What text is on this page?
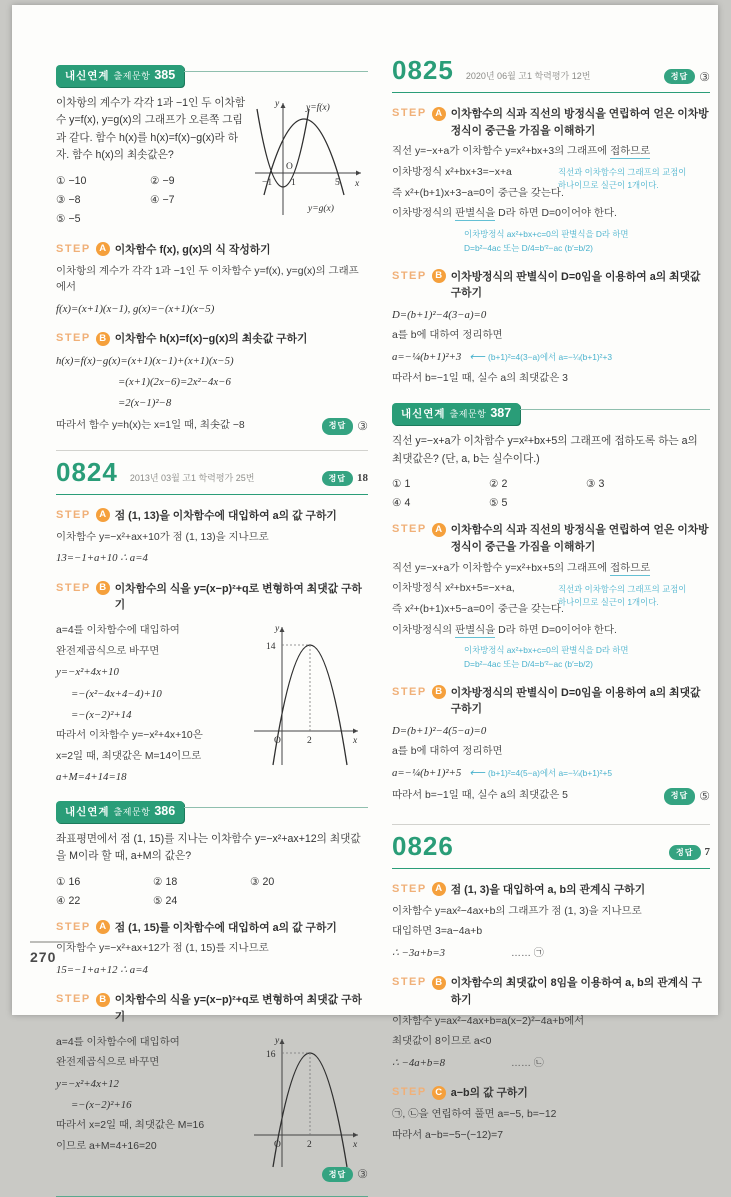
내신연계 출제문항 385
이차항의 계수가 각각 1과 −1인 두 이차함수 y=f(x), y=g(x)의 그래프가 오른쪽 그림과 같다. 함수 h(x)를 h(x)=f(x)−g(x)라 하자. 함수 h(x)의 최솟값은?
① −10	② −9
③ −8	④ −7
⑤ −5
y	y=f(x)
O
−1 1	5 x
y=g(x)
STEP A 이차함수 f(x), g(x)의 식 작성하기
이차항의 계수가 각각 1과 −1인 두 이차함수 y=f(x), y=g(x)의 그래프에서
f(x)=(x+1)(x−1), g(x)=−(x+1)(x−5)
STEP B 이차함수 h(x)=f(x)−g(x)의 최솟값 구하기
h(x)=f(x)−g(x)=(x+1)(x−1)+(x+1)(x−5)
=(x+1)(2x−6)=2x²−4x−6
=2(x−1)²−8
따라서 함수 y=h(x)는 x=1일 때, 최솟값 −8	정답 ③
0824 2013년 03월 고1 학력평가 25번	정답	18
STEP A 점 (1, 13)을 이차함수에 대입하여 a의 값 구하기
이차함수 y=−x²+ax+10가 점 (1, 13)을 지나므로
13=−1+a+10 ∴ a=4
STEP B 이차함수의 식을 y=(x−p)²+q로 변형하여 최댓값 구하기
a=4를 이차함수에 대입하여
완전제곱식으로 바꾸면
y=−x²+4x+10
=−(x²−4x+4−4)+10
=−(x−2)²+14
따라서 이차함수 y=−x²+4x+10은
x=2일 때, 최댓값은 M=14이므로
a+M=4+14=18
y
14
O	2	x
내신연계 출제문항 386
좌표평면에서 점 (1, 15)를 지나는 이차함수 y=−x²+ax+12의 최댓값을 M이라 할 때, a+M의 값은?
① 16	② 18	③ 20
④ 22	⑤ 24
STEP A 점 (1, 15)를 이차함수에 대입하여 a의 값 구하기
이차함수 y=−x²+ax+12가 점 (1, 15)를 지나므로
15=−1+a+12 ∴ a=4
STEP B 이차함수의 식을 y=(x−p)²+q로 변형하여 최댓값 구하기
a=4를 이차함수에 대입하여
완전제곱식으로 바꾸면
y=−x²+4x+12
=−(x−2)²+16
따라서 x=2일 때, 최댓값은 M=16
이므로 a+M=4+16=20
y
16
O	2	x
정답 ③
0825 2020년 06월 고1 학력평가 12번	정답 ③
STEP A 이차함수의 식과 직선의 방정식을 연립하여 얻은 이차방정식이 중근을 가짐을 이해하기
직선과 이차함수의 그래프의 교점이
하나이므로 실근이 1개이다.
직선 y=−x+a가 이차함수 y=x²+bx+3의 그래프에 접하므로
이차방정식 x²+bx+3=−x+a
즉 x²+(b+1)x+3−a=0이 중근을 갖는다.
이차방정식의 판별식을 D라 하면 D=0이어야 한다.
이차방정식 ax²+bx+c=0의 판별식을 D라 하면
D=b²−4ac 또는 D/4=b′²−ac (b′=b/2)
STEP B 이차방정식의 판별식이 D=0임을 이용하여 a의 최댓값 구하기
D=(b+1)²−4(3−a)=0
a를 b에 대하여 정리하면
a=−¼(b+1)²+3 ⟵ (b+1)²=4(3−a)에서 a=−¼(b+1)²+3
따라서 b=−1일 때, 실수 a의 최댓값은 3
내신연계 출제문항 387
직선 y=−x+a가 이차함수 y=x²+bx+5의 그래프에 접하도록 하는 a의 최댓값은? (단, a, b는 실수이다.)
① 1	② 2	③ 3
④ 4	⑤ 5
STEP A 이차함수의 식과 직선의 방정식을 연립하여 얻은 이차방정식이 중근을 가짐을 이해하기
직선과 이차함수의 그래프의 교점이
하나이므로 실근이 1개이다.
직선 y=−x+a가 이차함수 y=x²+bx+5의 그래프에 접하므로
이차방정식 x²+bx+5=−x+a,
즉 x²+(b+1)x+5−a=0이 중근을 갖는다.
이차방정식의 판별식을 D라 하면 D=0이어야 한다.
이차방정식 ax²+bx+c=0의 판별식을 D라 하면
D=b²−4ac 또는 D/4=b′²−ac (b′=b/2)
STEP B 이차방정식의 판별식이 D=0임을 이용하여 a의 최댓값 구하기
D=(b+1)²−4(5−a)=0
a를 b에 대하여 정리하면
a=−¼(b+1)²+5 ⟵ (b+1)²=4(5−a)에서 a=−¼(b+1)²+5
따라서 b=−1일 때, 실수 a의 최댓값은 5	정답 ⑤
0826	정답	7
STEP A 점 (1, 3)을 대입하여 a, b의 관계식 구하기
이차함수 y=ax²−4ax+b의 그래프가 점 (1, 3)을 지나므로
대입하면 3=a−4a+b
∴ −3a+b=3	…… ㉠
STEP B 이차함수의 최댓값이 8임을 이용하여 a, b의 관계식 구하기
이차함수 y=ax²−4ax+b=a(x−2)²−4a+b에서
최댓값이 8이므로 a<0
∴ −4a+b=8	…… ㉡
STEP C a−b의 값 구하기
㉠, ㉡을 연립하여 풀면 a=−5, b=−12
따라서 a−b=−5−(−12)=7
270
